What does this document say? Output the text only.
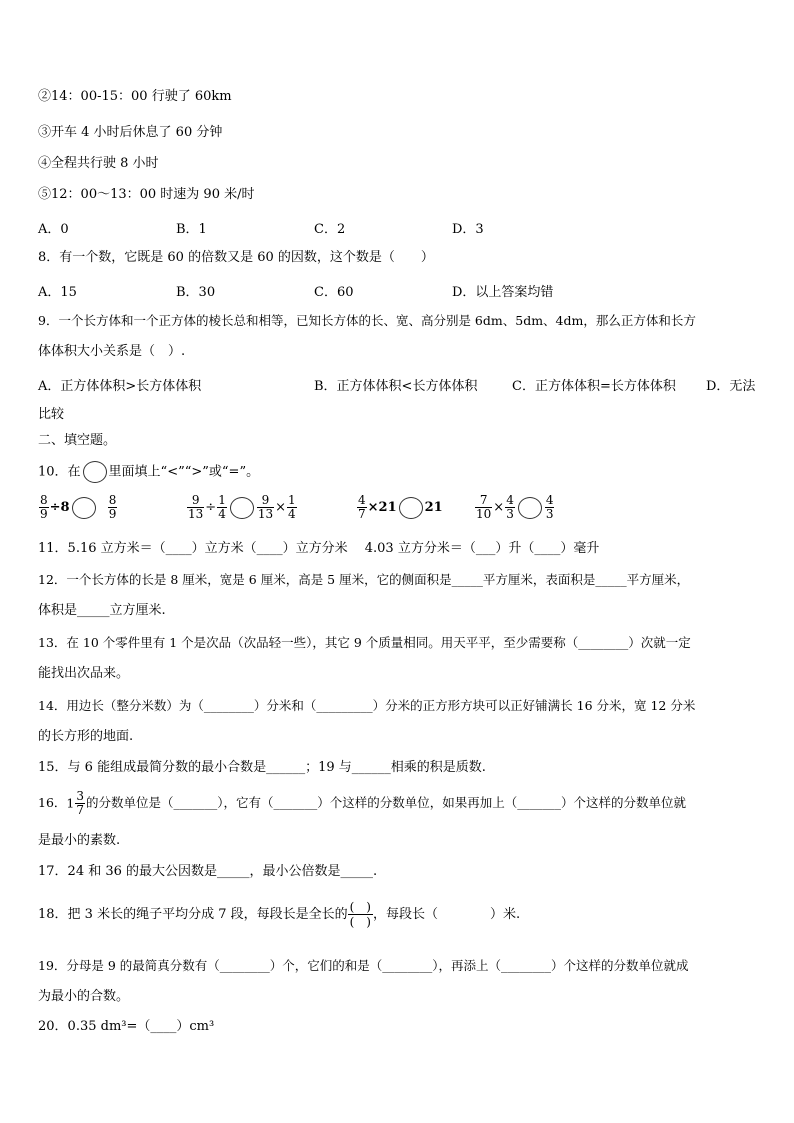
②14：00-15：00 行驶了 60km
③开车 4 小时后休息了 60 分钟
④全程共行驶 8 小时
⑤12：00～13：00 时速为 90 米/时
A．0	B．1	C．2	D．3
8．有一个数，它既是 60 的倍数又是 60 的因数，这个数是（　　）
A．15	B．30	C．60	D．以上答案均错
9．一个长方体和一个正方体的棱长总和相等，已知长方体的长、宽、高分别是 6dm、5dm、4dm，那么正方体和长方
体体积大小关系是（　）.
A．正方体体积>长方体体积	B．正方体体积<长方体体积	C．正方体体积=长方体体积 D．无法
比较
二、填空题。
10．在 里面填上“<”“>”或“=”。
$\frac{8}{9} \div 8$	$\frac{8}{9}$	$\frac{9}{13} \div \frac{1}{4}$	$\frac{9}{13} \times \frac{1}{4}$	$\frac{4}{7} \times 21$ 21	$\frac{7}{10} \times \frac{4}{3}$	$\frac{4}{3}$
11．5.16 立方米＝（____）立方米（____）立方分米　 4.03 立方分米＝（___）升（____）毫升
12．一个长方体的长是 8 厘米，宽是 6 厘米，高是 5 厘米，它的侧面积是_____平方厘米，表面积是_____平方厘米，
体积是_____立方厘米.
13．在 10 个零件里有 1 个是次品（次品轻一些），其它 9 个质量相同。用天平平，至少需要称（________）次就一定
能找出次品来。
14．用边长（整分米数）为（________）分米和（_________）分米的正方形方块可以正好铺满长 16 分米，宽 12 分米
的长方形的地面.
15．与 6 能组成最简分数的最小合数是______；19 与______相乘的积是质数.
16．$1 \frac{3}{7}$ 的分数单位是（_______），它有（_______）个这样的分数单位，如果再加上（_______）个这样的分数单位就
是最小的素数.
17．24 和 36 的最大公因数是_____，最小公倍数是_____.
18．把 3 米长的绳子平均分成 7 段，每段长是全长的 (　)
(　) ，每段长（　　　　）米.
19．分母是 9 的最简真分数有（________）个，它们的和是（________），再添上（________）个这样的分数单位就成
为最小的合数。
20．0.35 dm³=（____）cm³
